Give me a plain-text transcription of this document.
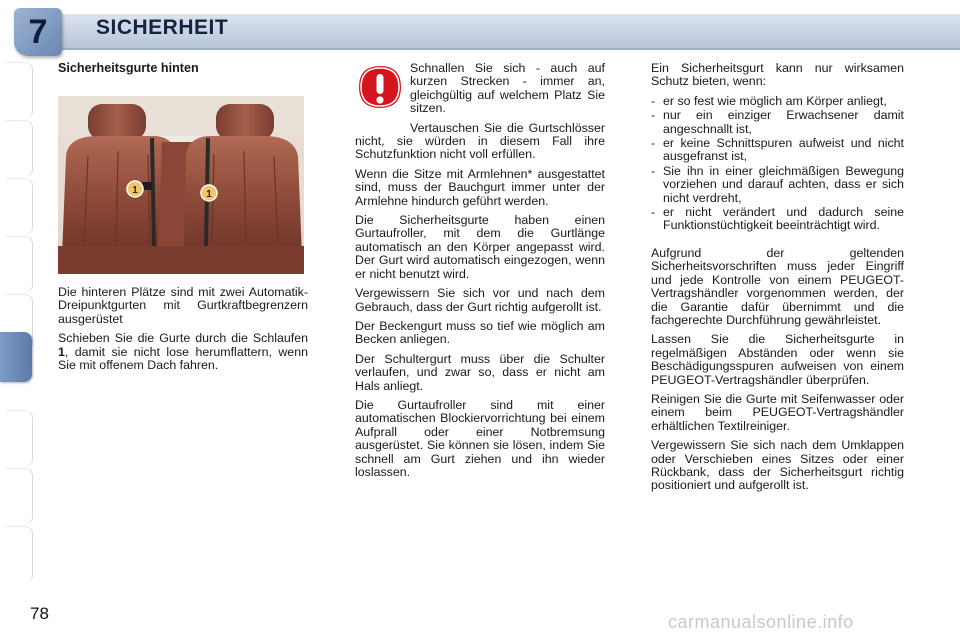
7	SICHERHEIT

Sicherheitsgurte hinten

1	1

Die hinteren Plätze sind mit zwei Automatik-Dreipunktgurten mit Gurtkraftbegrenzern ausgerüstet

Schieben Sie die Gurte durch die Schlaufen 1, damit sie nicht lose herumflattern, wenn Sie mit offenem Dach fahren.

Schnallen Sie sich - auch auf kurzen Strecken - immer an, gleichgültig auf welchem Platz Sie sitzen.

Vertauschen Sie die Gurtschlösser nicht, sie würden in diesem Fall ihre Schutzfunktion nicht voll erfüllen.

Wenn die Sitze mit Armlehnen* ausgestattet sind, muss der Bauchgurt immer unter der Armlehne hindurch geführt werden.

Die Sicherheitsgurte haben einen Gurtaufroller, mit dem die Gurtlänge automatisch an den Körper angepasst wird. Der Gurt wird automatisch eingezogen, wenn er nicht benutzt wird.

Vergewissern Sie sich vor und nach dem Gebrauch, dass der Gurt richtig aufgerollt ist.

Der Beckengurt muss so tief wie möglich am Becken anliegen.

Der Schultergurt muss über die Schulter verlaufen, und zwar so, dass er nicht am Hals anliegt.

Die Gurtaufroller sind mit einer automatischen Blockiervorrichtung bei einem Aufprall oder einer Notbremsung ausgerüstet. Sie können sie lösen, indem Sie schnell am Gurt ziehen und ihn wieder loslassen.

Ein Sicherheitsgurt kann nur wirksamen Schutz bieten, wenn:

- er so fest wie möglich am Körper anliegt,
- nur ein einziger Erwachsener damit angeschnallt ist,
- er keine Schnittspuren aufweist und nicht ausgefranst ist,
- Sie ihn in einer gleichmäßigen Bewegung vorziehen und darauf achten, dass er sich nicht verdreht,
- er nicht verändert und dadurch seine Funktionstüchtigkeit beeinträchtigt wird.

Aufgrund der geltenden Sicherheitsvorschriften muss jeder Eingriff und jede Kontrolle von einem PEUGEOT-Vertragshändler vorgenommen werden, der die Garantie dafür übernimmt und die fachgerechte Durchführung gewährleistet.

Lassen Sie die Sicherheitsgurte in regelmäßigen Abständen oder wenn sie Beschädigungsspuren aufweisen von einem PEUGEOT-Vertragshändler überprüfen.

Reinigen Sie die Gurte mit Seifenwasser oder einem beim PEUGEOT-Vertragshändler erhältlichen Textilreiniger.

Vergewissern Sie sich nach dem Umklappen oder Verschieben eines Sitzes oder einer Rückbank, dass der Sicherheitsgurt richtig positioniert und aufgerollt ist.

78	carmanualsonline.info
